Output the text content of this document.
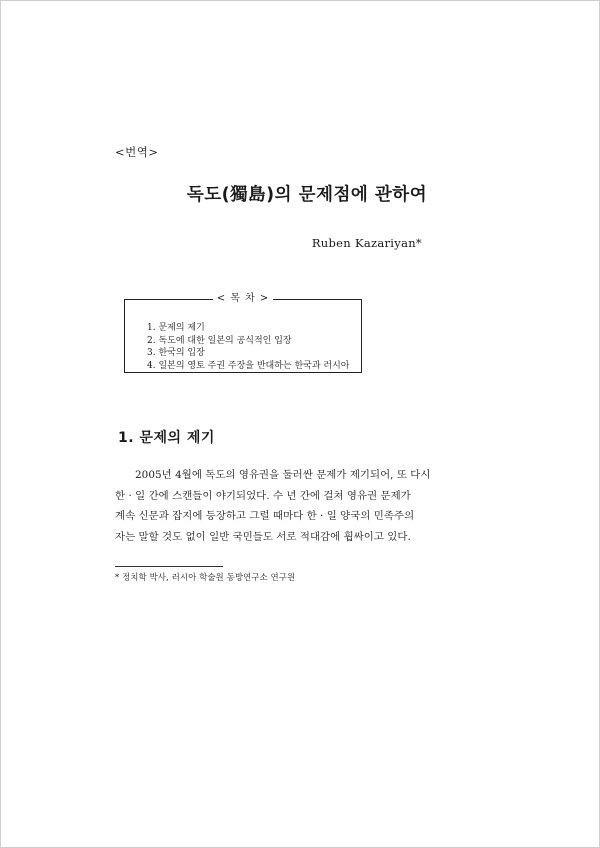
<번역>
독도(獨島)의 문제점에 관하여
Ruben Kazariyan*
< 목 차 >
1. 문제의 제기
2. 독도에 대한 일본의 공식적인 입장
3. 한국의 입장
4. 일본의 영토 주권 주장을 반대하는 한국과 러시아
1. 문제의 제기

2005년 4월에 독도의 영유권을 둘러싼 문제가 제기되어, 또 다시
한 · 일 간에 스캔들이 야기되었다. 수 년 간에 걸쳐 영유권 문제가
계속 신문과 잡지에 등장하고 그럴 때마다 한 · 일 양국의 민족주의
자는 말할 것도 없이 일반 국민들도 서로 적대감에 휩싸이고 있다.

* 정치학 박사, 러시아 학술원 동방연구소 연구원
